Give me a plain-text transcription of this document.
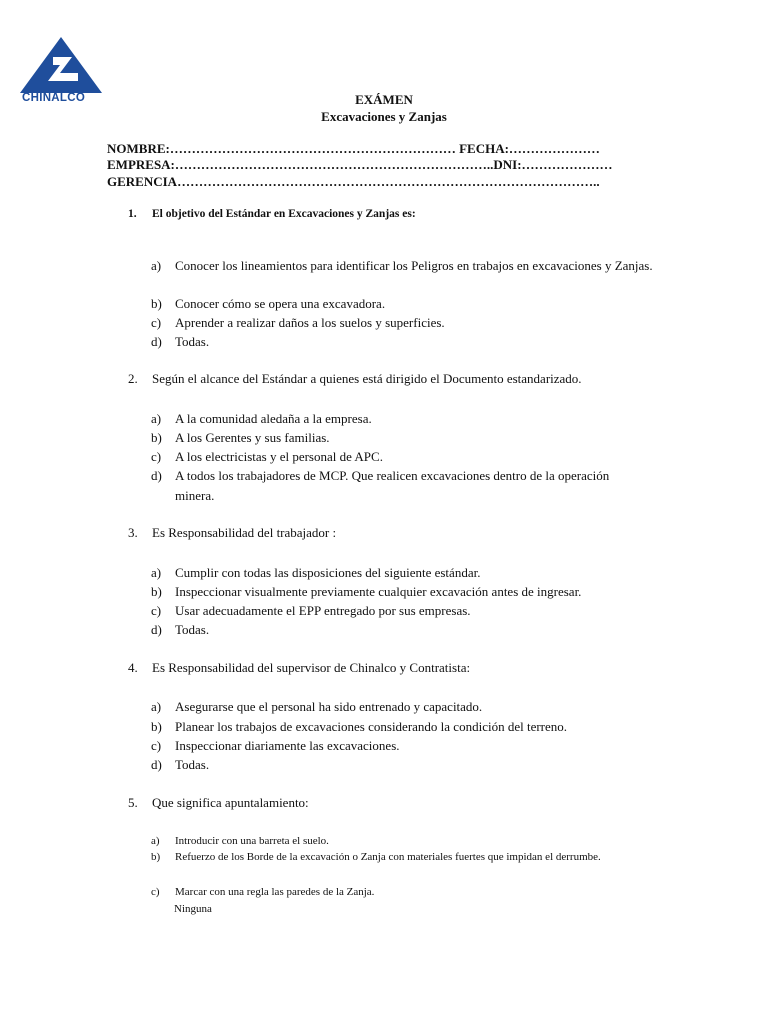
CHINALCO	EXÁMEN
Excavaciones y Zanjas
NOMBRE:………………………………………………………… FECHA:…………………
EMPRESA:………………………………………………………………..DNI:…………………
GERENCIA……………………………………………………………………………………..
1. El objetivo del Estándar en Excavaciones y Zanjas es:
a) Conocer los lineamientos para identificar los Peligros en trabajos en excavaciones y Zanjas.
b) Conocer cómo se opera una excavadora.
c) Aprender a realizar daños a los suelos y superficies.
d) Todas.
2. Según el alcance del Estándar a quienes está dirigido el Documento estandarizado.
a) A la comunidad aledaña a la empresa.
b) A los Gerentes y sus familias.
c) A los electricistas y el personal de APC.
d) A todos los trabajadores de MCP. Que realicen excavaciones dentro de la operación minera.
3. Es Responsabilidad del trabajador :
a) Cumplir con todas las disposiciones del siguiente estándar.
b) Inspeccionar visualmente previamente cualquier excavación antes de ingresar.
c) Usar adecuadamente el EPP entregado por sus empresas.
d) Todas.
4. Es Responsabilidad del supervisor de Chinalco y Contratista:
a) Asegurarse que el personal ha sido entrenado y capacitado.
b) Planear los trabajos de excavaciones considerando la condición del terreno.
c) Inspeccionar diariamente las excavaciones.
d) Todas.
5. Que significa apuntalamiento:
a) Introducir con una barreta el suelo.
b) Refuerzo de los Borde de la excavación o Zanja con materiales fuertes que impidan el derrumbe.
c) Marcar con una regla las paredes de la Zanja.
Ninguna
